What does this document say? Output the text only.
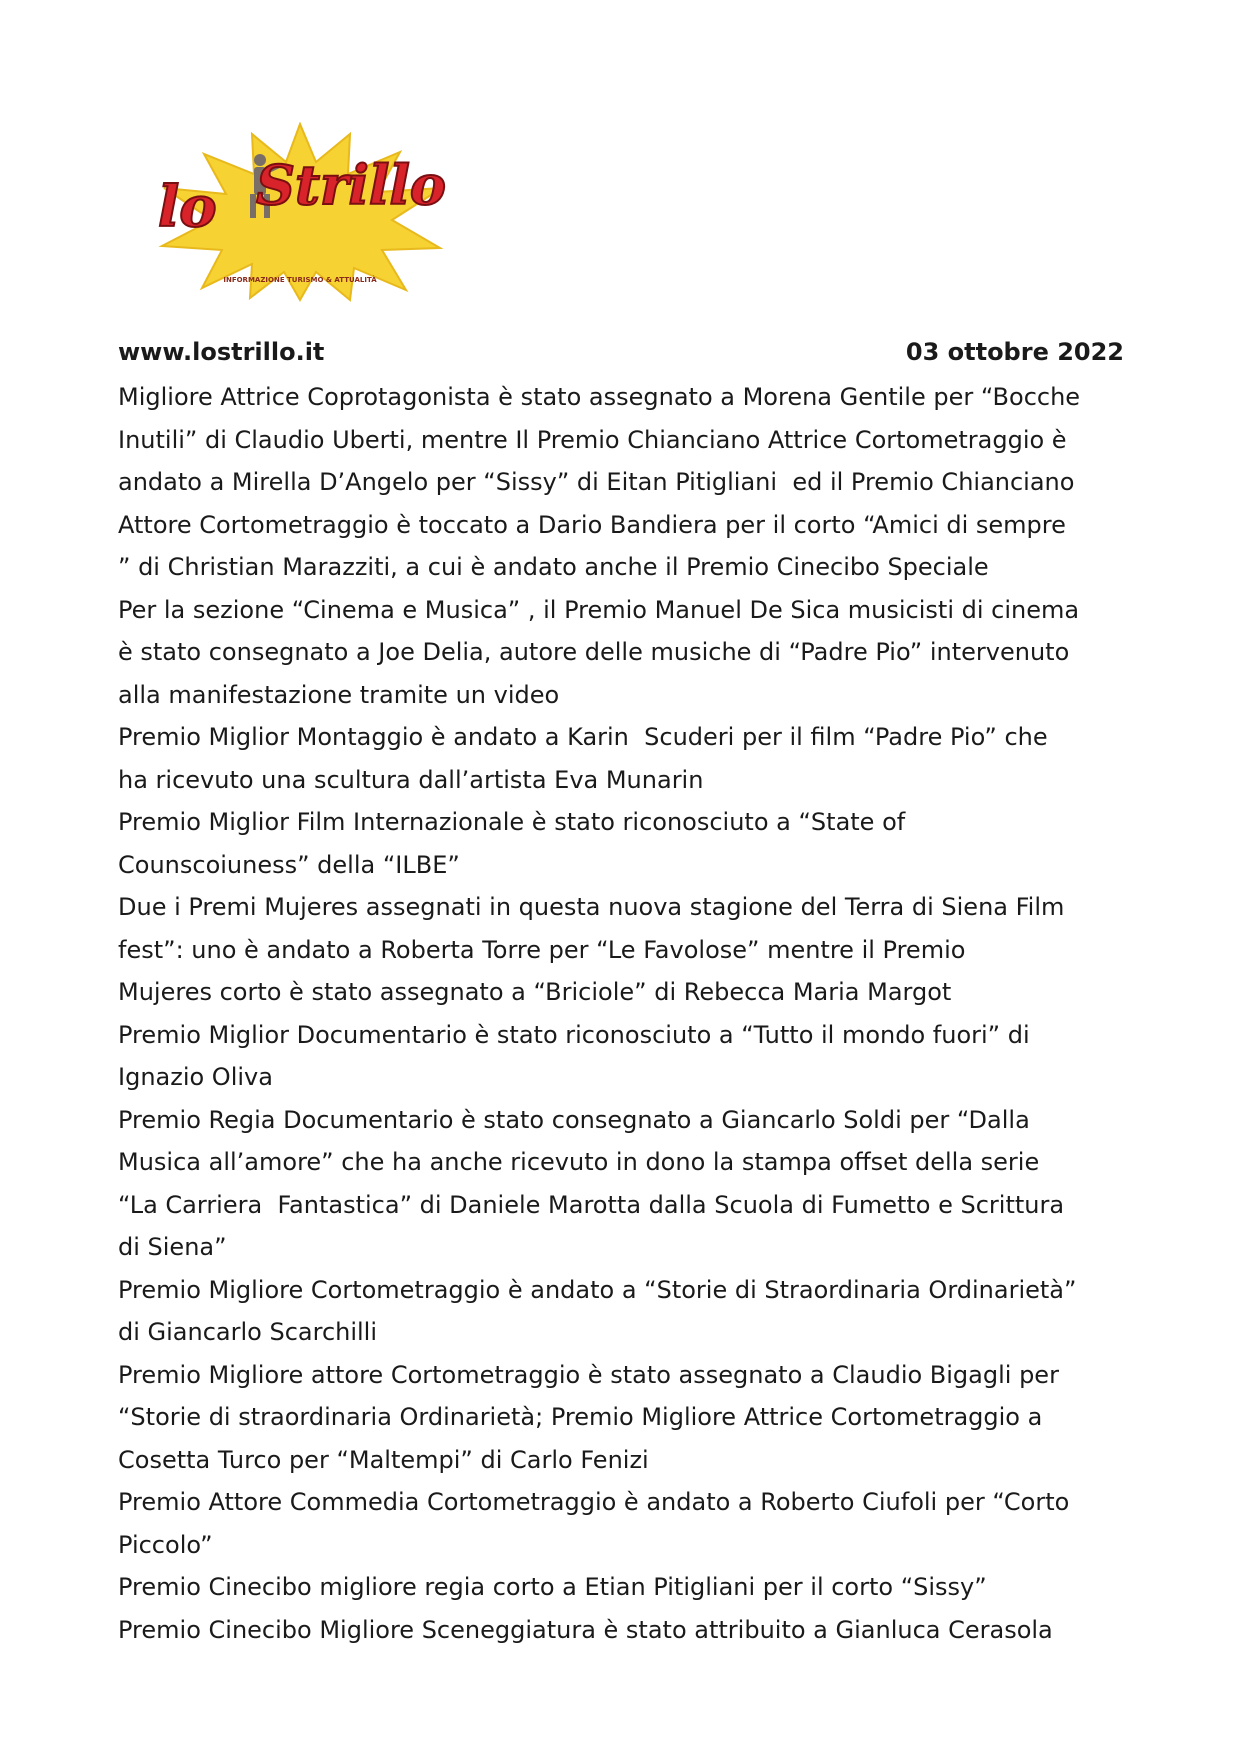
lo Strillo
INFORMAZIONE TURISMO & ATTUALITÀ
www.lostrillo.it	03 ottobre 2022
Migliore Attrice Coprotagonista è stato assegnato a Morena Gentile per “Bocche
Inutili” di Claudio Uberti, mentre Il Premio Chianciano Attrice Cortometraggio è
andato a Mirella D’Angelo per “Sissy” di Eitan Pitigliani  ed il Premio Chianciano
Attore Cortometraggio è toccato a Dario Bandiera per il corto “Amici di sempre
” di Christian Marazziti, a cui è andato anche il Premio Cinecibo Speciale
Per la sezione “Cinema e Musica” , il Premio Manuel De Sica musicisti di cinema
è stato consegnato a Joe Delia, autore delle musiche di “Padre Pio” intervenuto
alla manifestazione tramite un video
Premio Miglior Montaggio è andato a Karin  Scuderi per il film “Padre Pio” che
ha ricevuto una scultura dall’artista Eva Munarin
Premio Miglior Film Internazionale è stato riconosciuto a “State of
Counscoiuness” della “ILBE”
Due i Premi Mujeres assegnati in questa nuova stagione del Terra di Siena Film
fest”: uno è andato a Roberta Torre per “Le Favolose” mentre il Premio
Mujeres corto è stato assegnato a “Briciole” di Rebecca Maria Margot
Premio Miglior Documentario è stato riconosciuto a “Tutto il mondo fuori” di
Ignazio Oliva
Premio Regia Documentario è stato consegnato a Giancarlo Soldi per “Dalla
Musica all’amore” che ha anche ricevuto in dono la stampa offset della serie
“La Carriera  Fantastica” di Daniele Marotta dalla Scuola di Fumetto e Scrittura
di Siena”
Premio Migliore Cortometraggio è andato a “Storie di Straordinaria Ordinarietà”
di Giancarlo Scarchilli
Premio Migliore attore Cortometraggio è stato assegnato a Claudio Bigagli per
“Storie di straordinaria Ordinarietà; Premio Migliore Attrice Cortometraggio a
Cosetta Turco per “Maltempi” di Carlo Fenizi
Premio Attore Commedia Cortometraggio è andato a Roberto Ciufoli per “Corto
Piccolo”
Premio Cinecibo migliore regia corto a Etian Pitigliani per il corto “Sissy”
Premio Cinecibo Migliore Sceneggiatura è stato attribuito a Gianluca Cerasola
